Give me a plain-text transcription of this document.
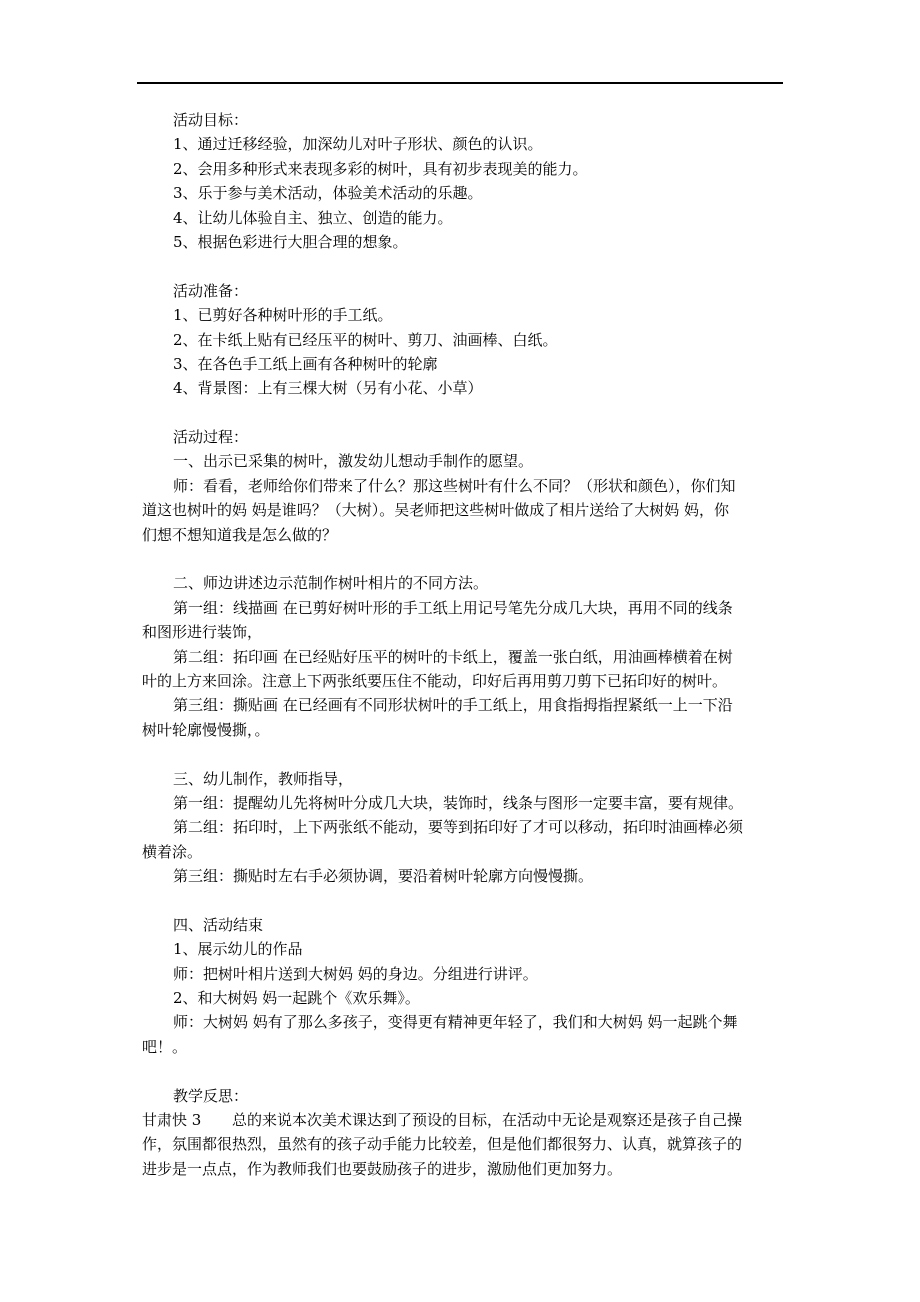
活动目标：
1、通过迁移经验，加深幼儿对叶子形状、颜色的认识。
2、会用多种形式来表现多彩的树叶，具有初步表现美的能力。
3、乐于参与美术活动，体验美术活动的乐趣。
4、让幼儿体验自主、独立、创造的能力。
5、根据色彩进行大胆合理的想象。
活动准备：
1、已剪好各种树叶形的手工纸。
2、在卡纸上贴有已经压平的树叶、剪刀、油画棒、白纸。
3、在各色手工纸上画有各种树叶的轮廓
4、背景图：上有三棵大树（另有小花、小草）
活动过程：
一、出示已采集的树叶，激发幼儿想动手制作的愿望。
师：看看，老师给你们带来了什么？那这些树叶有什么不同？（形状和颜色），你们知
道这也树叶的妈 妈是谁吗？（大树）。吴老师把这些树叶做成了相片送给了大树妈 妈，你
们想不想知道我是怎么做的？
二、师边讲述边示范制作树叶相片的不同方法。
第一组：线描画 在已剪好树叶形的手工纸上用记号笔先分成几大块，再用不同的线条
和图形进行装饰，
第二组：拓印画 在已经贴好压平的树叶的卡纸上，覆盖一张白纸，用油画棒横着在树
叶的上方来回涂。注意上下两张纸要压住不能动，印好后再用剪刀剪下已拓印好的树叶。
第三组：撕贴画 在已经画有不同形状树叶的手工纸上，用食指拇指捏紧纸一上一下沿
树叶轮廓慢慢撕，。
三、幼儿制作，教师指导，
第一组：提醒幼儿先将树叶分成几大块，装饰时，线条与图形一定要丰富，要有规律。
第二组：拓印时，上下两张纸不能动，要等到拓印好了才可以移动，拓印时油画棒必须
横着涂。
第三组：撕贴时左右手必须协调，要沿着树叶轮廓方向慢慢撕。
四、活动结束
1、展示幼儿的作品
师：把树叶相片送到大树妈 妈的身边。分组进行讲评。
2、和大树妈 妈一起跳个《欢乐舞》。
师：大树妈 妈有了那么多孩子，变得更有精神更年轻了，我们和大树妈 妈一起跳个舞
吧！。
教学反思：
甘肃快 3 总的来说本次美术课达到了预设的目标，在活动中无论是观察还是孩子自己操
作，氛围都很热烈，虽然有的孩子动手能力比较差，但是他们都很努力、认真，就算孩子的
进步是一点点，作为教师我们也要鼓励孩子的进步，激励他们更加努力。
